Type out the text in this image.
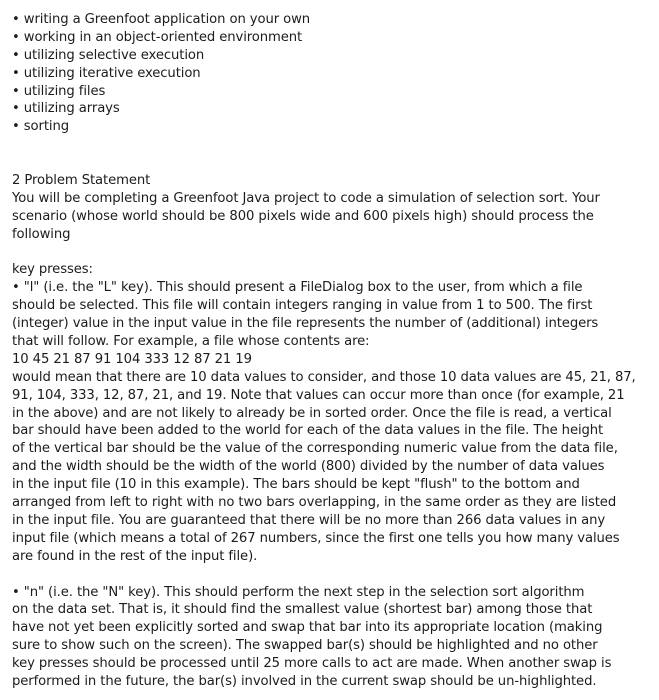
• writing a Greenfoot application on your own
• working in an object-oriented environment
• utilizing selective execution
• utilizing iterative execution
• utilizing files
• utilizing arrays
• sorting
2 Problem Statement
You will be completing a Greenfoot Java project to code a simulation of selection sort. Your
scenario (whose world should be 800 pixels wide and 600 pixels high) should process the
following
key presses:
• "l" (i.e. the "L" key). This should present a FileDialog box to the user, from which a file
should be selected. This file will contain integers ranging in value from 1 to 500. The first
(integer) value in the input value in the file represents the number of (additional) integers
that will follow. For example, a file whose contents are:
10 45 21 87 91 104 333 12 87 21 19
would mean that there are 10 data values to consider, and those 10 data values are 45, 21, 87,
91, 104, 333, 12, 87, 21, and 19. Note that values can occur more than once (for example, 21
in the above) and are not likely to already be in sorted order. Once the file is read, a vertical
bar should have been added to the world for each of the data values in the file. The height
of the vertical bar should be the value of the corresponding numeric value from the data file,
and the width should be the width of the world (800) divided by the number of data values
in the input file (10 in this example). The bars should be kept "flush" to the bottom and
arranged from left to right with no two bars overlapping, in the same order as they are listed
in the input file. You are guaranteed that there will be no more than 266 data values in any
input file (which means a total of 267 numbers, since the first one tells you how many values
are found in the rest of the input file).
• "n" (i.e. the "N" key). This should perform the next step in the selection sort algorithm
on the data set. That is, it should find the smallest value (shortest bar) among those that
have not yet been explicitly sorted and swap that bar into its appropriate location (making
sure to show such on the screen). The swapped bar(s) should be highlighted and no other
key presses should be processed until 25 more calls to act are made. When another swap is
performed in the future, the bar(s) involved in the current swap should be un-highlighted.
